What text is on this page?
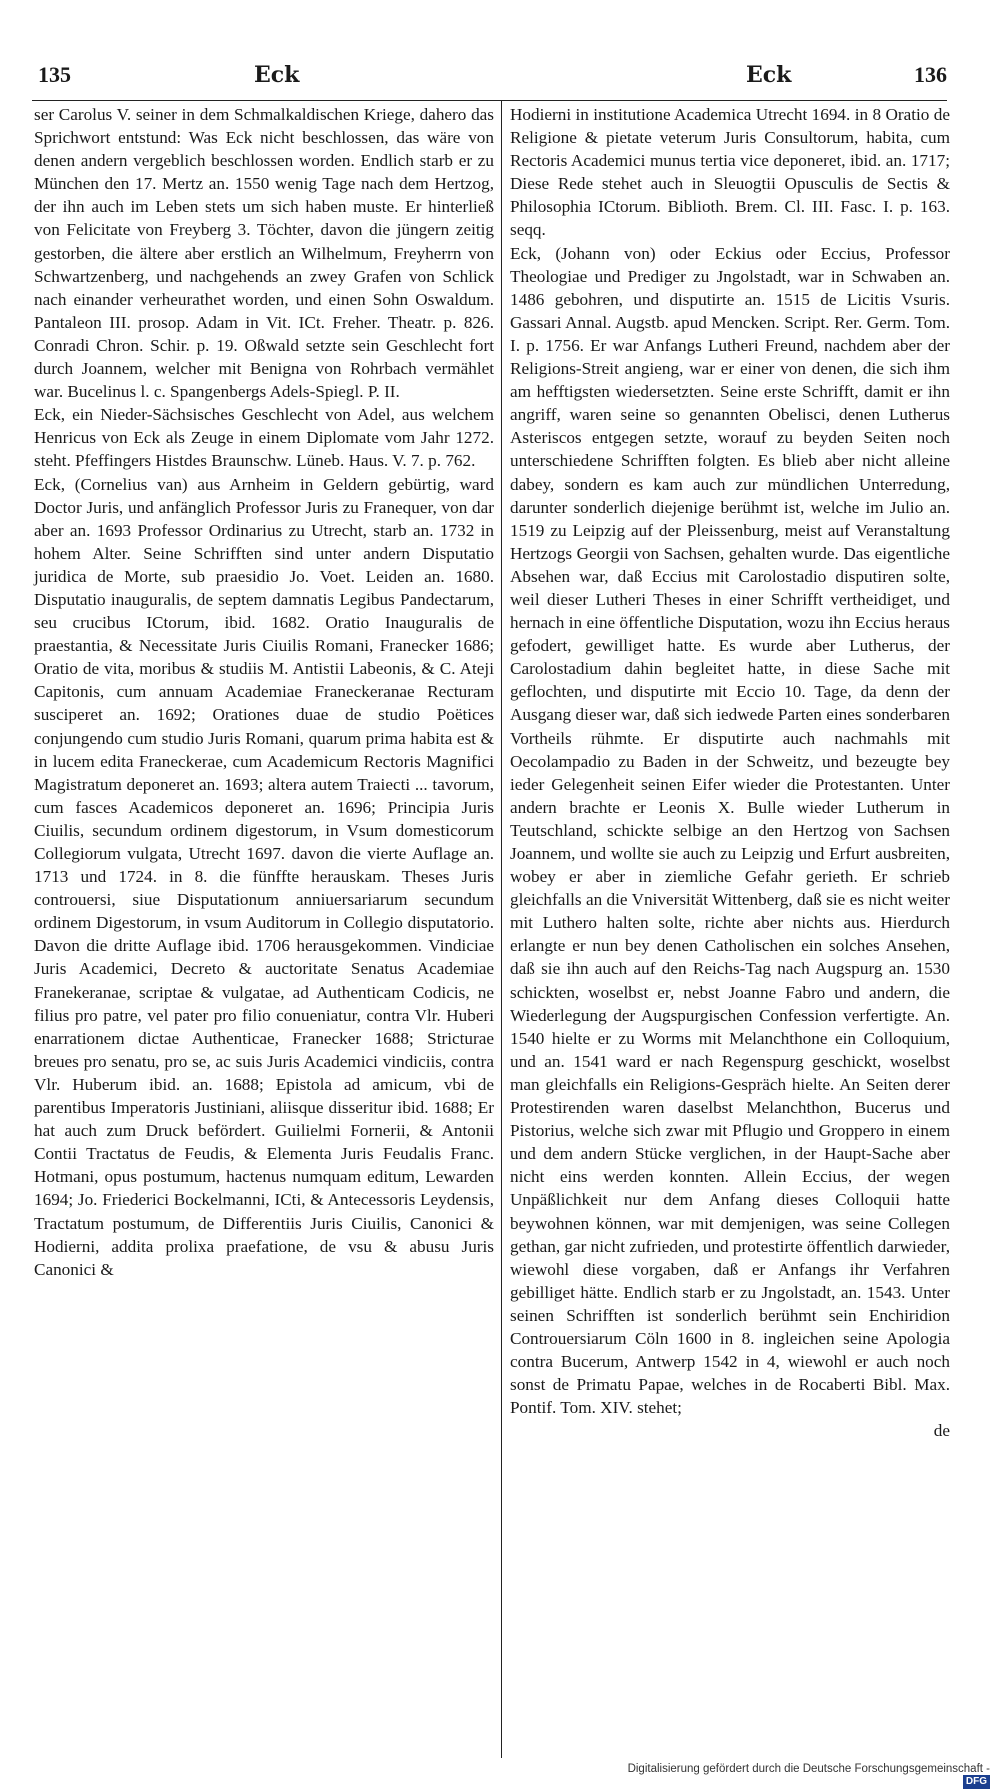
135	Eck	Eck	136

ser Carolus V. seiner in dem Schmalkaldischen Kriege, dahero das Sprichwort entstund: Was Eck nicht beschlossen, das wäre von denen andern vergeblich beschlossen worden. Endlich starb er zu München den 17. Mertz an. 1550 wenig Tage nach dem Hertzog, der ihn auch im Leben stets um sich haben muste. Er hinterließ von Felicitate von Freyberg 3. Töchter, davon die jüngern zeitig gestorben, die ältere aber erstlich an Wilhelmum, Freyherrn von Schwartzenberg, und nachgehends an zwey Grafen von Schlick nach einander verheurathet worden, und einen Sohn Oswaldum. Pantaleon III. prosop. Adam in Vit. ICt. Freher. Theatr. p. 826. Conradi Chron. Schir. p. 19. Oßwald setzte sein Geschlecht fort durch Joannem, welcher mit Benigna von Rohrbach vermählet war. Bucelinus l. c. Spangenbergs Adels-Spiegl. P. II.

Eck, ein Nieder-Sächsisches Geschlecht von Adel, aus welchem Henricus von Eck als Zeuge in einem Diplomate vom Jahr 1272. steht. Pfeffingers Histdes Braunschw. Lüneb. Haus. V. 7. p. 762.

Eck, (Cornelius van) aus Arnheim in Geldern gebürtig, ward Doctor Juris, und anfänglich Professor Juris zu Franequer, von dar aber an. 1693 Professor Ordinarius zu Utrecht, starb an. 1732 in hohem Alter. Seine Schrifften sind unter andern Disputatio juridica de Morte, sub praesidio Jo. Voet. Leiden an. 1680. Disputatio inauguralis, de septem damnatis Legibus Pandectarum, seu crucibus ICtorum, ibid. 1682. Oratio Inauguralis de praestantia, & Necessitate Juris Ciuilis Romani, Franecker 1686; Oratio de vita, moribus & studiis M. Antistii Labeonis, & C. Ateji Capitonis, cum annuam Academiae Franeckeranae Recturam susciperet an. 1692; Orationes duae de studio Poëtices conjungendo cum studio Juris Romani, quarum prima habita est & in lucem edita Franeckerae, cum Academicum Rectoris Magnifici Magistratum deponeret an. 1693; altera autem Traiecti ... tavorum, cum fasces Academicos deponeret an. 1696; Principia Juris Ciuilis, secundum ordinem digestorum, in Vsum domesticorum Collegiorum vulgata, Utrecht 1697. davon die vierte Auflage an. 1713 und 1724. in 8. die fünffte herauskam. Theses Juris controuersi, siue Disputationum anniuersariarum secundum ordinem Digestorum, in vsum Auditorum in Collegio disputatorio. Davon die dritte Auflage ibid. 1706 herausgekommen. Vindiciae Juris Academici, Decreto & auctoritate Senatus Academiae Franekeranae, scriptae & vulgatae, ad Authenticam Codicis, ne filius pro patre, vel pater pro filio conueniatur, contra Vlr. Huberi enarrationem dictae Authenticae, Franecker 1688; Stricturae breues pro senatu, pro se, ac suis Juris Academici vindiciis, contra Vlr. Huberum ibid. an. 1688; Epistola ad amicum, vbi de parentibus Imperatoris Justiniani, aliisque disseritur ibid. 1688; Er hat auch zum Druck befördert. Guilielmi Fornerii, & Antonii Contii Tractatus de Feudis, & Elementa Juris Feudalis Franc. Hotmani, opus postumum, hactenus numquam editum, Lewarden 1694; Jo. Friederici Bockelmanni, ICti, & Antecessoris Leydensis, Tractatum postumum, de Differentiis Juris Ciuilis, Canonici & Hodierni, addita prolixa praefatione, de vsu & abusu Juris Canonici &

Hodierni in institutione Academica Utrecht 1694. in 8 Oratio de Religione & pietate veterum Juris Consultorum, habita, cum Rectoris Academici munus tertia vice deponeret, ibid. an. 1717; Diese Rede stehet auch in Sleuogtii Opusculis de Sectis & Philosophia ICtorum. Biblioth. Brem. Cl. III. Fasc. I. p. 163. seqq.

Eck, (Johann von) oder Eckius oder Eccius, Professor Theologiae und Prediger zu Jngolstadt, war in Schwaben an. 1486 gebohren, und disputirte an. 1515 de Licitis Vsuris. Gassari Annal. Augstb. apud Mencken. Script. Rer. Germ. Tom. I. p. 1756. Er war Anfangs Lutheri Freund, nachdem aber der Religions-Streit angieng, war er einer von denen, die sich ihm am hefftigsten wiedersetzten. Seine erste Schrifft, damit er ihn angriff, waren seine so genannten Obelisci, denen Lutherus Asteriscos entgegen setzte, worauf zu beyden Seiten noch unterschiedene Schrifften folgten. Es blieb aber nicht alleine dabey, sondern es kam auch zur mündlichen Unterredung, darunter sonderlich diejenige berühmt ist, welche im Julio an. 1519 zu Leipzig auf der Pleissenburg, meist auf Veranstaltung Hertzogs Georgii von Sachsen, gehalten wurde. Das eigentliche Absehen war, daß Eccius mit Carolostadio disputiren solte, weil dieser Lutheri Theses in einer Schrifft vertheidiget, und hernach in eine öffentliche Disputation, wozu ihn Eccius heraus gefodert, gewilliget hatte. Es wurde aber Lutherus, der Carolostadium dahin begleitet hatte, in diese Sache mit geflochten, und disputirte mit Eccio 10. Tage, da denn der Ausgang dieser war, daß sich iedwede Parten eines sonderbaren Vortheils rühmte. Er disputirte auch nachmahls mit Oecolampadio zu Baden in der Schweitz, und bezeugte bey ieder Gelegenheit seinen Eifer wieder die Protestanten. Unter andern brachte er Leonis X. Bulle wieder Lutherum in Teutschland, schickte selbige an den Hertzog von Sachsen Joannem, und wollte sie auch zu Leipzig und Erfurt ausbreiten, wobey er aber in ziemliche Gefahr gerieth. Er schrieb gleichfalls an die Vniversität Wittenberg, daß sie es nicht weiter mit Luthero halten solte, richte aber nichts aus. Hierdurch erlangte er nun bey denen Catholischen ein solches Ansehen, daß sie ihn auch auf den Reichs-Tag nach Augspurg an. 1530 schickten, woselbst er, nebst Joanne Fabro und andern, die Wiederlegung der Augspurgischen Confession verfertigte. An. 1540 hielte er zu Worms mit Melanchthone ein Colloquium, und an. 1541 ward er nach Regenspurg geschickt, woselbst man gleichfalls ein Religions-Gespräch hielte. An Seiten derer Protestirenden waren daselbst Melanchthon, Bucerus und Pistorius, welche sich zwar mit Pflugio und Groppero in einem und dem andern Stücke verglichen, in der Haupt-Sache aber nicht eins werden konnten. Allein Eccius, der wegen Unpäßlichkeit nur dem Anfang dieses Colloquii hatte beywohnen können, war mit demjenigen, was seine Collegen gethan, gar nicht zufrieden, und protestirte öffentlich darwieder, wiewohl diese vorgaben, daß er Anfangs ihr Verfahren gebilliget hätte. Endlich starb er zu Jngolstadt, an. 1543. Unter seinen Schrifften ist sonderlich berühmt sein Enchiridion Controuersiarum Cöln 1600 in 8. ingleichen seine Apologia contra Bucerum, Antwerp 1542 in 4, wiewohl er auch noch sonst de Primatu Papae, welches in de Rocaberti Bibl. Max. Pontif. Tom. XIV. stehet;

de
Digitalisierung gefördert durch die Deutsche Forschungsgemeinschaft -DFG
